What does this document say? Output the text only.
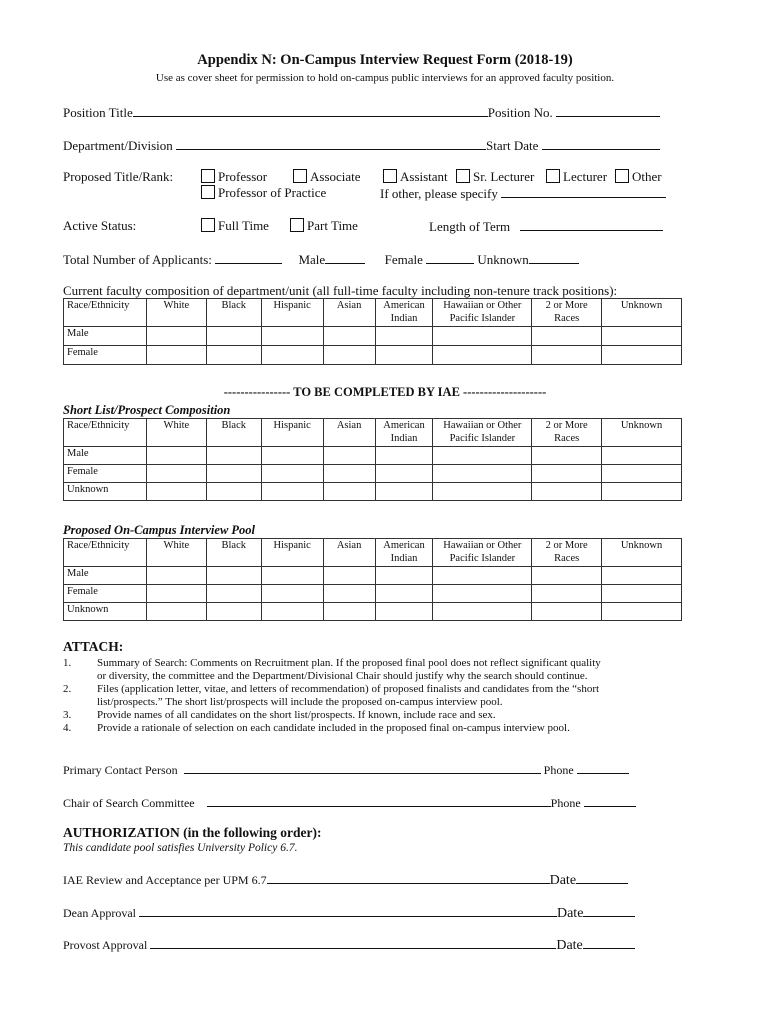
Appendix N: On-Campus Interview Request Form (2018-19)
Use as cover sheet for permission to hold on-campus public interviews for an approved faculty position.
Position Title	Position No.
Department/Division	Start Date
Proposed Title/Rank:	Professor	Associate	Assistant	Sr. Lecturer	Lecturer	Other
Professor of Practice	If other, please specify
Active Status:	Full Time	Part Time	Length of Term
Total Number of Applicants:	Male	Female	Unknown
Current faculty composition of department/unit (all full-time faculty including non-tenure track positions):
Race/Ethnicity	White	Black	Hispanic	Asian	American Indian	Hawaiian or Other Pacific Islander	2 or More Races	Unknown
Male								
Female								
---------------- TO BE COMPLETED BY IAE --------------------
Short List/Prospect Composition
Race/Ethnicity	White	Black	Hispanic	Asian	American Indian	Hawaiian or Other Pacific Islander	2 or More Races	Unknown
Male								
Female								
Unknown								
Proposed On-Campus Interview Pool
Race/Ethnicity	White	Black	Hispanic	Asian	American Indian	Hawaiian or Other Pacific Islander	2 or More Races	Unknown
Male								
Female								
Unknown								
ATTACH:
1.	Summary of Search: Comments on Recruitment plan. If the proposed final pool does not reflect significant quality
or diversity, the committee and the Department/Divisional Chair should justify why the search should continue.
2.	Files (application letter, vitae, and letters of recommendation) of proposed finalists and candidates from the “short
list/prospects.” The short list/prospects will include the proposed on-campus interview pool.
3.	Provide names of all candidates on the short list/prospects. If known, include race and sex.
4.	Provide a rationale of selection on each candidate included in the proposed final on-campus interview pool.
Primary Contact Person	Phone
Chair of Search Committee	Phone
AUTHORIZATION (in the following order):
This candidate pool satisfies University Policy 6.7.
IAE Review and Acceptance per UPM 6.7	Date
Dean Approval	Date
Provost Approval	Date
